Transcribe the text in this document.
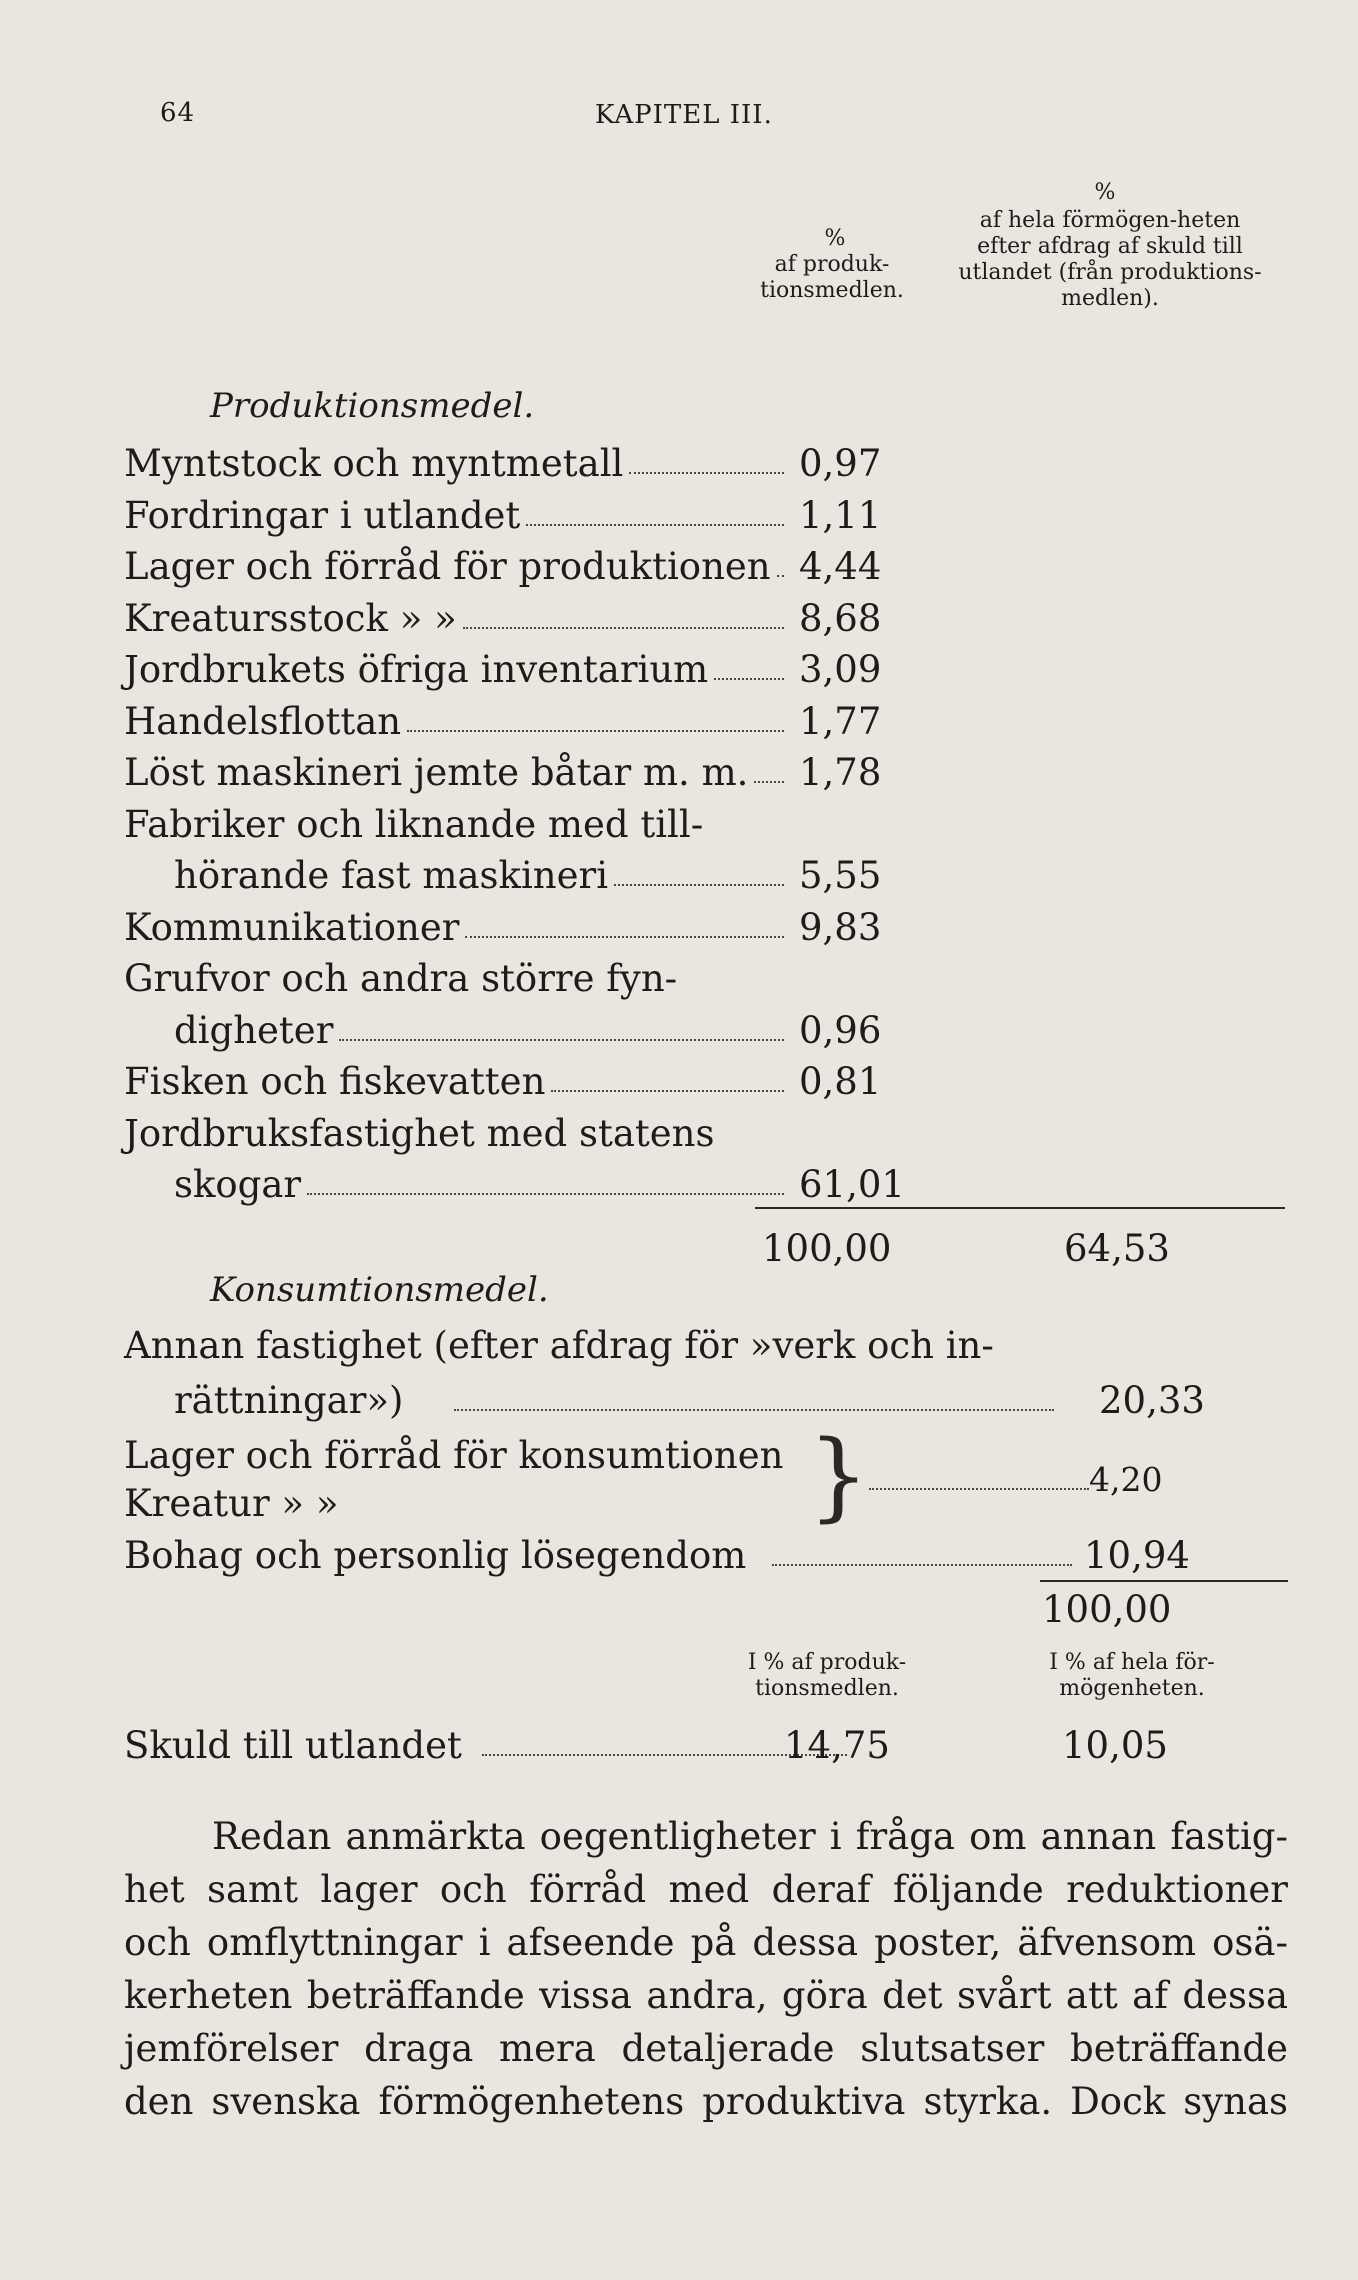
64	KAPITEL III.
%
af produk-tionsmedlen.
%
af hela förmögen-heten efter afdrag af skuld till utlandet (från produktions-medlen).
Produktionsmedel.
Myntstock och myntmetall	0,97
Fordringar i utlandet	1,11
Lager och förråd för produktionen 4,44
Kreatursstock » »	8,68
Jordbrukets öfriga inventarium 3,09
Handelsflottan	1,77
Löst maskineri jemte båtar m. m. 1,78
Fabriker och liknande med till-
hörande fast maskineri	5,55
Kommunikationer	9,83
Grufvor och andra större fyn-
digheter	0,96
Fisken och fiskevatten	0,81
Jordbruksfastighet med statens
skogar	61,01
100,00	64,53
Konsumtionsmedel.
Annan fastighet (efter afdrag för »verk och in-
rättningar»)	20,33
Lager och förråd för konsumtionen
Kreatur » »	}	4,20
Bohag och personlig lösegendom	10,94
100,00
I % af produk-tionsmedlen.
I % af hela för-mögenheten.
Skuld till utlandet	14,75	10,05
Redan anmärkta oegentligheter i fråga om annan fastig-
het samt lager och förråd med deraf följande reduktioner
och omflyttningar i afseende på dessa poster, äfvensom osä-
kerheten beträffande vissa andra, göra det svårt att af dessa
jemförelser draga mera detaljerade slutsatser beträffande
den svenska förmögenhetens produktiva styrka. Dock synas
